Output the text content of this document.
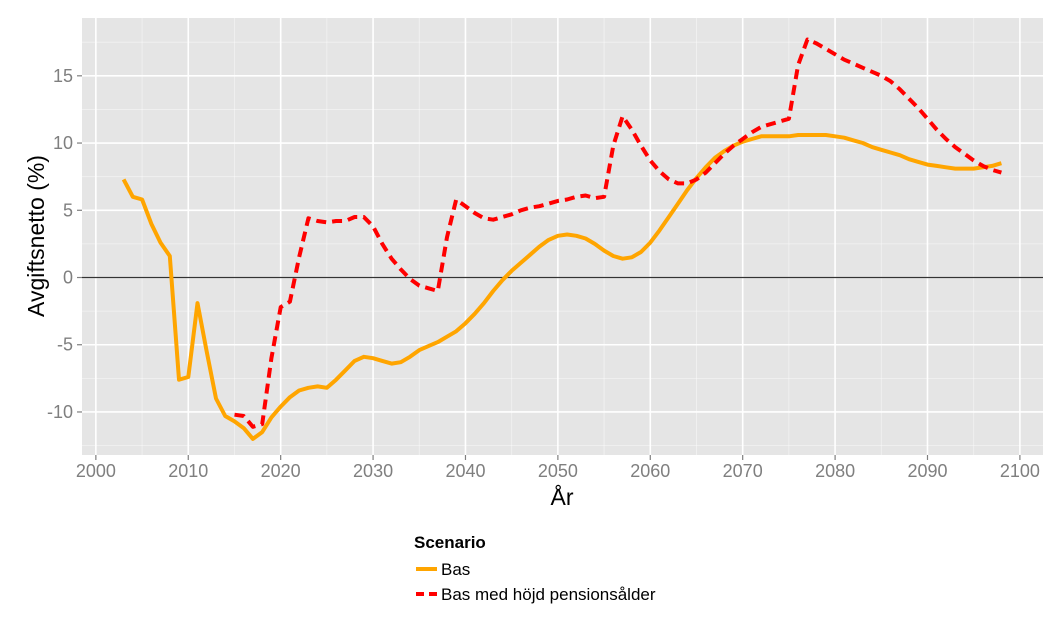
2000	2010	2020	2030	2040	2050	2060	2070	2080	2090	2100
-10
-5
0
5
10
15
År
Avgiftsnetto (%)
Scenario
Bas
Bas med höjd pensionsålder
